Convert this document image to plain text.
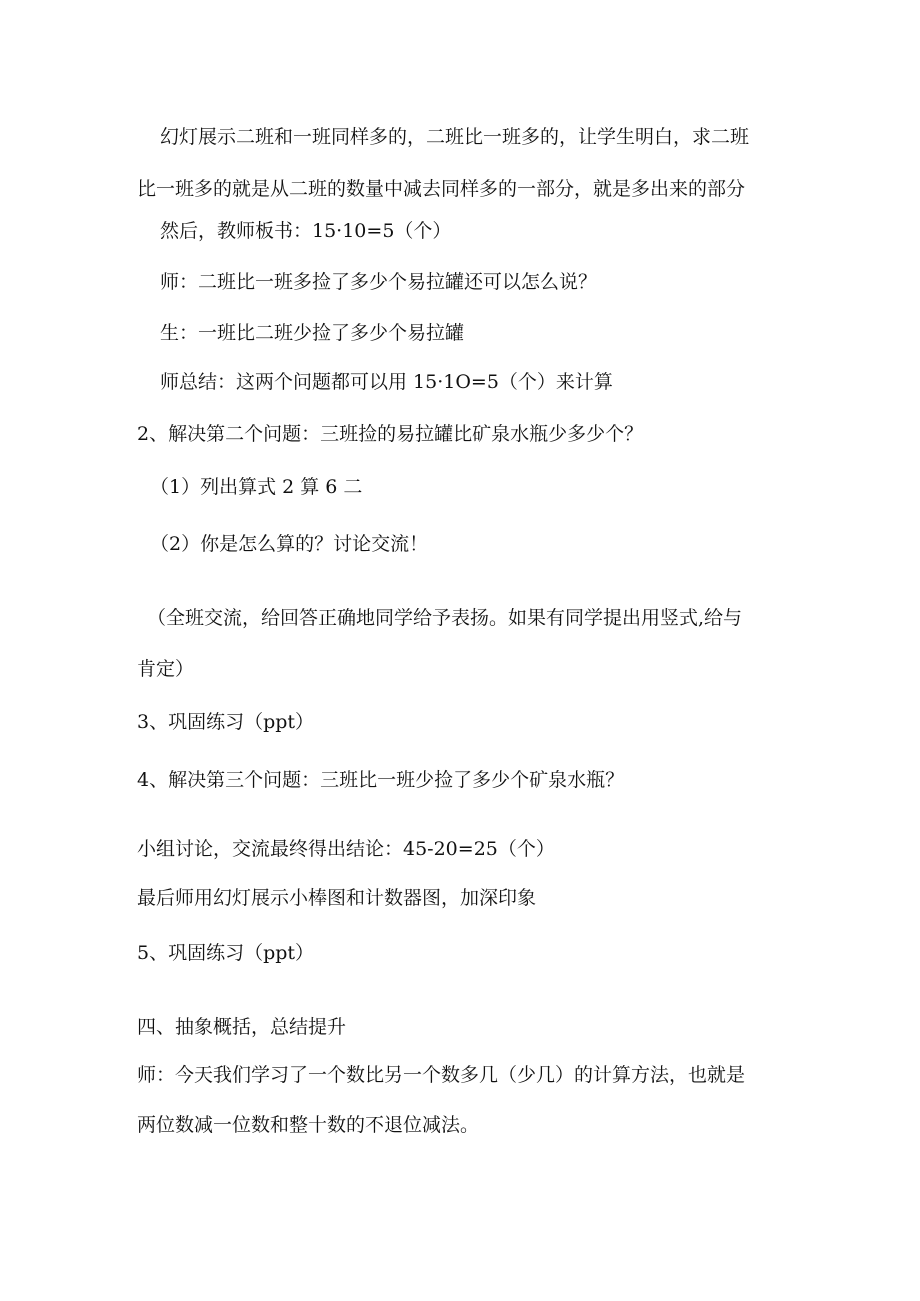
幻灯展示二班和一班同样多的，二班比一班多的，让学生明白，求二班
比一班多的就是从二班的数量中减去同样多的一部分，就是多出来的部分
然后，教师板书：15·10=5（个）
师：二班比一班多捡了多少个易拉罐还可以怎么说？
生：一班比二班少捡了多少个易拉罐
师总结：这两个问题都可以用 15·1O=5（个）来计算
2、解决第二个问题：三班捡的易拉罐比矿泉水瓶少多少个？
（1）列出算式 2 算 6 二
（2）你是怎么算的？讨论交流！
（全班交流，给回答正确地同学给予表扬。如果有同学提出用竖式,给与
肯定）
3、巩固练习（ppt）
4、解决第三个问题：三班比一班少捡了多少个矿泉水瓶？
小组讨论，交流最终得出结论：45-20=25（个）
最后师用幻灯展示小棒图和计数器图，加深印象
5、巩固练习（ppt）
四、抽象概括，总结提升
师：今天我们学习了一个数比另一个数多几（少几）的计算方法，也就是
两位数减一位数和整十数的不退位减法。
